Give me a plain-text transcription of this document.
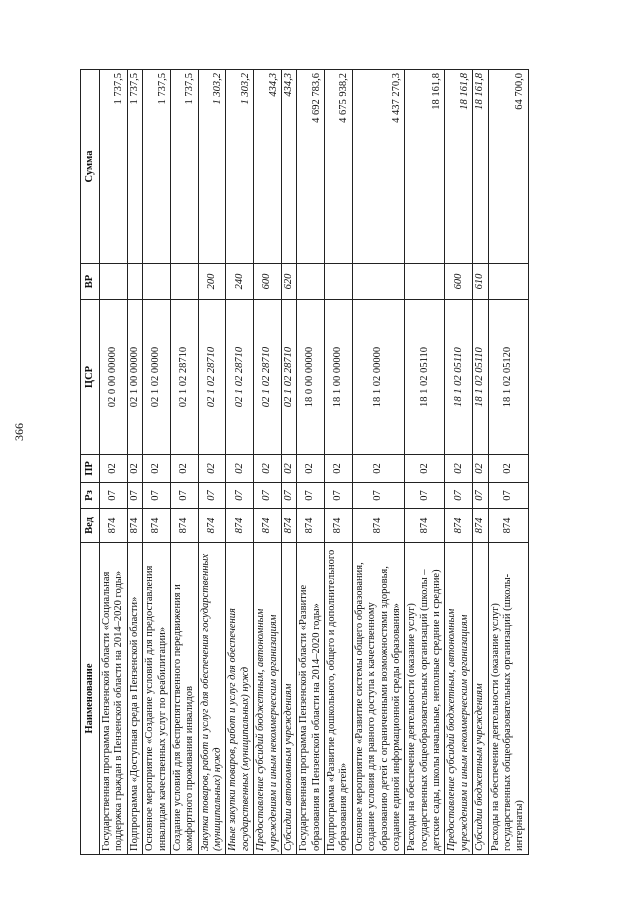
366
Наименование	Вед	Рз	ПР	ЦСР	ВР	Сумма
Государственная программа Пензенской области «Социальная поддержка граждан в Пензенской области на 2014–2020 годы»	874	07	02	02 0 00 00000		1 737,5
Подпрограмма «Доступная среда в Пензенской области»	874	07	02	02 1 00 00000		1 737,5
Основное мероприятие «Создание условий для предоставления инвалидам качественных услуг по реабилитации»	874	07	02	02 1 02 00000		1 737,5
Создание условий для беспрепятственного передвижения и комфортного проживания инвалидов	874	07	02	02 1 02 28710		1 737,5
Закупка товаров, работ и услуг для обеспечения государственных (муниципальных) нужд	874	07	02	02 1 02 28710	200	1 303,2
Иные закупки товаров, работ и услуг для обеспечения государственных (муниципальных) нужд	874	07	02	02 1 02 28710	240	1 303,2
Предоставление субсидий бюджетным, автономным учреждениям и иным некоммерческим организациям	874	07	02	02 1 02 28710	600	434,3
Субсидии автономным учреждениям	874	07	02	02 1 02 28710	620	434,3
Государственная программа Пензенской области «Развитие образования в Пензенской области на 2014–2020 годы»	874	07	02	18 0 00 00000		4 692 783,6
Подпрограмма «Развитие дошкольного, общего и дополнительного образования детей»	874	07	02	18 1 00 00000		4 675 938,2
Основное мероприятие «Развитие системы общего образования, создание условия для равного доступа к качественному образованию детей с ограниченными возможностями здоровья, создание единой информационной среды образования»	874	07	02	18 1 02 00000		4 437 270,3
Расходы на обеспечение деятельности (оказание услуг) государственных общеобразовательных организаций (школы – детские сады, школы начальные, неполные средние и средние)	874	07	02	18 1 02 05110		18 161,8
Предоставление субсидий бюджетным, автономным учреждениям и иным некоммерческим организациям	874	07	02	18 1 02 05110	600	18 161,8
Субсидии бюджетным учреждениям	874	07	02	18 1 02 05110	610	18 161,8
Расходы на обеспечение деятельности (оказание услуг) государственных общеобразовательных организаций (школы-интернаты)	874	07	02	18 1 02 05120		64 700,0
